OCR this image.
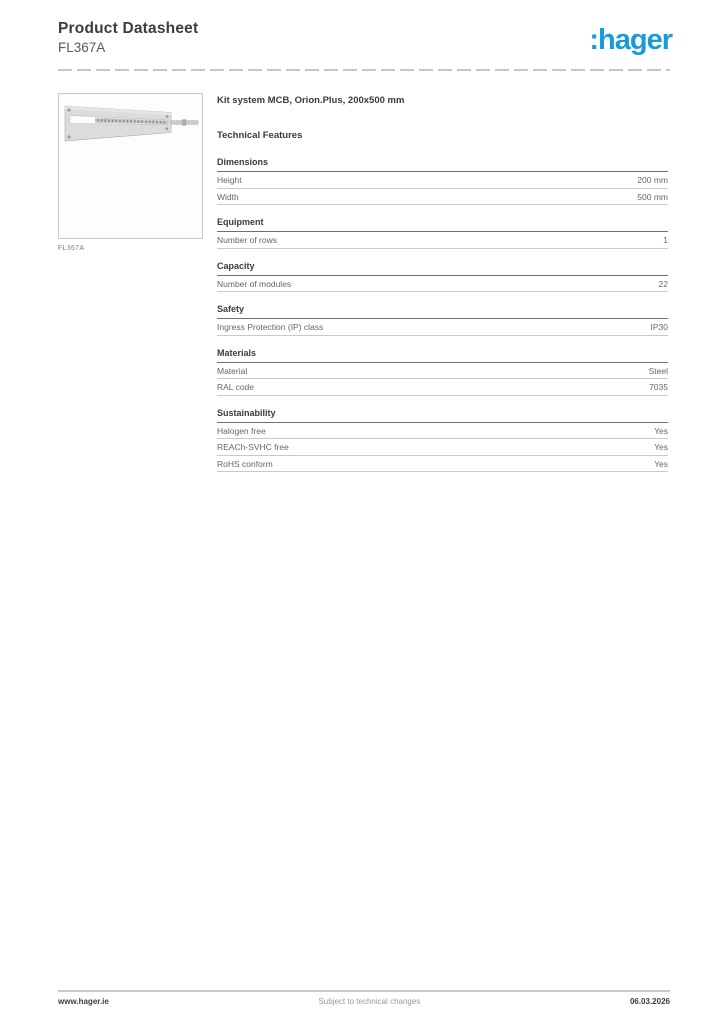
Product Datasheet
FL367A	:hager
FL367A
Kit system MCB, Orion.Plus, 200x500 mm
Technical Features
Dimensions
Height	200 mm
Width	500 mm
Equipment
Number of rows	1
Capacity
Number of modules	22
Safety
Ingress Protection (IP) class	IP30
Materials
Material	Steel
RAL code	7035
Sustainability
Halogen free	Yes
REACh-SVHC free	Yes
RoHS conform	Yes
www.hager.ie	Subject to technical changes	06.03.2026
